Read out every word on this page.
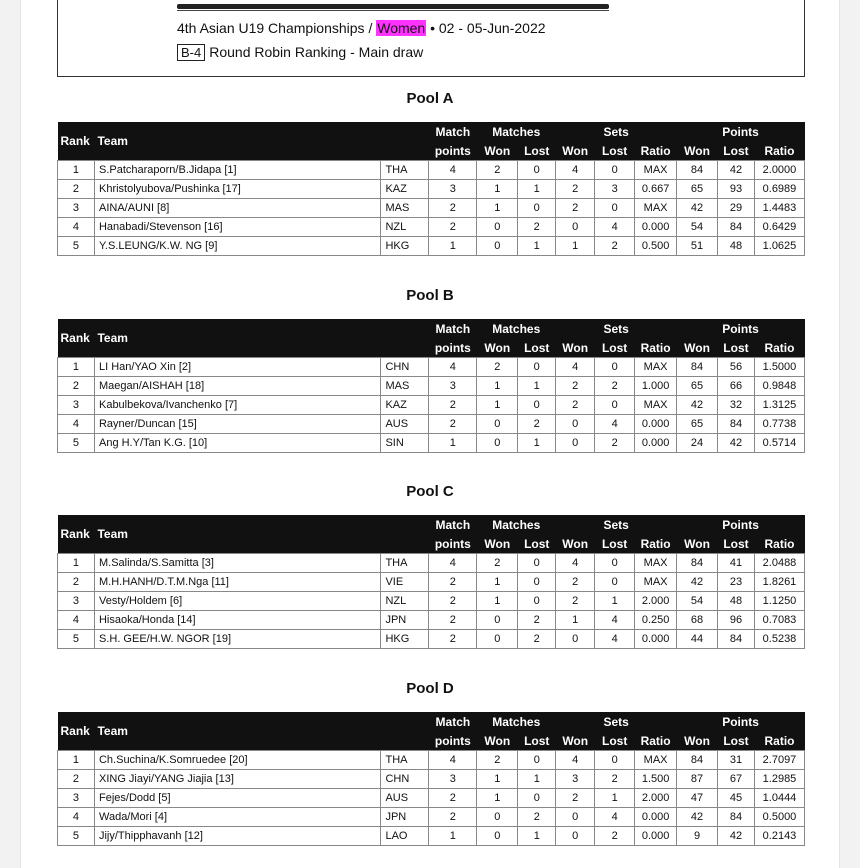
4th Asian U19 Championships / Women • 02 - 05-Jun-2022
B-4 Round Robin Ranking - Main draw
Pool A
Rank	Team		Match	Matches		Sets			Points		
			points	Won	Lost	Won	Lost	Ratio	Won	Lost	Ratio
1	S.Patcharaporn/B.Jidapa [1]	THA	4	2	0	4	0	MAX	84	42	2.0000
2	Khristolyubova/Pushinka [17]	KAZ	3	1	1	2	3	0.667	65	93	0.6989
3	AINA/AUNI [8]	MAS	2	1	0	2	0	MAX	42	29	1.4483
4	Hanabadi/Stevenson [16]	NZL	2	0	2	0	4	0.000	54	84	0.6429
5	Y.S.LEUNG/K.W. NG [9]	HKG	1	0	1	1	2	0.500	51	48	1.0625
Pool B
Rank	Team		Match	Matches		Sets			Points		
			points	Won	Lost	Won	Lost	Ratio	Won	Lost	Ratio
1	LI Han/YAO Xin [2]	CHN	4	2	0	4	0	MAX	84	56	1.5000
2	Maegan/AISHAH [18]	MAS	3	1	1	2	2	1.000	65	66	0.9848
3	Kabulbekova/Ivanchenko [7]	KAZ	2	1	0	2	0	MAX	42	32	1.3125
4	Rayner/Duncan [15]	AUS	2	0	2	0	4	0.000	65	84	0.7738
5	Ang H.Y/Tan K.G. [10]	SIN	1	0	1	0	2	0.000	24	42	0.5714
Pool C
Rank	Team		Match	Matches		Sets			Points		
			points	Won	Lost	Won	Lost	Ratio	Won	Lost	Ratio
1	M.Salinda/S.Samitta [3]	THA	4	2	0	4	0	MAX	84	41	2.0488
2	M.H.HANH/D.T.M.Nga [11]	VIE	2	1	0	2	0	MAX	42	23	1.8261
3	Vesty/Holdem [6]	NZL	2	1	0	2	1	2.000	54	48	1.1250
4	Hisaoka/Honda [14]	JPN	2	0	2	1	4	0.250	68	96	0.7083
5	S.H. GEE/H.W. NGOR [19]	HKG	2	0	2	0	4	0.000	44	84	0.5238
Pool D
Rank	Team		Match	Matches		Sets			Points		
			points	Won	Lost	Won	Lost	Ratio	Won	Lost	Ratio
1	Ch.Suchina/K.Somruedee [20]	THA	4	2	0	4	0	MAX	84	31	2.7097
2	XING Jiayi/YANG Jiajia [13]	CHN	3	1	1	3	2	1.500	87	67	1.2985
3	Fejes/Dodd [5]	AUS	2	1	0	2	1	2.000	47	45	1.0444
4	Wada/Mori [4]	JPN	2	0	2	0	4	0.000	42	84	0.5000
5	Jijy/Thipphavanh [12]	LAO	1	0	1	0	2	0.000	9	42	0.2143
